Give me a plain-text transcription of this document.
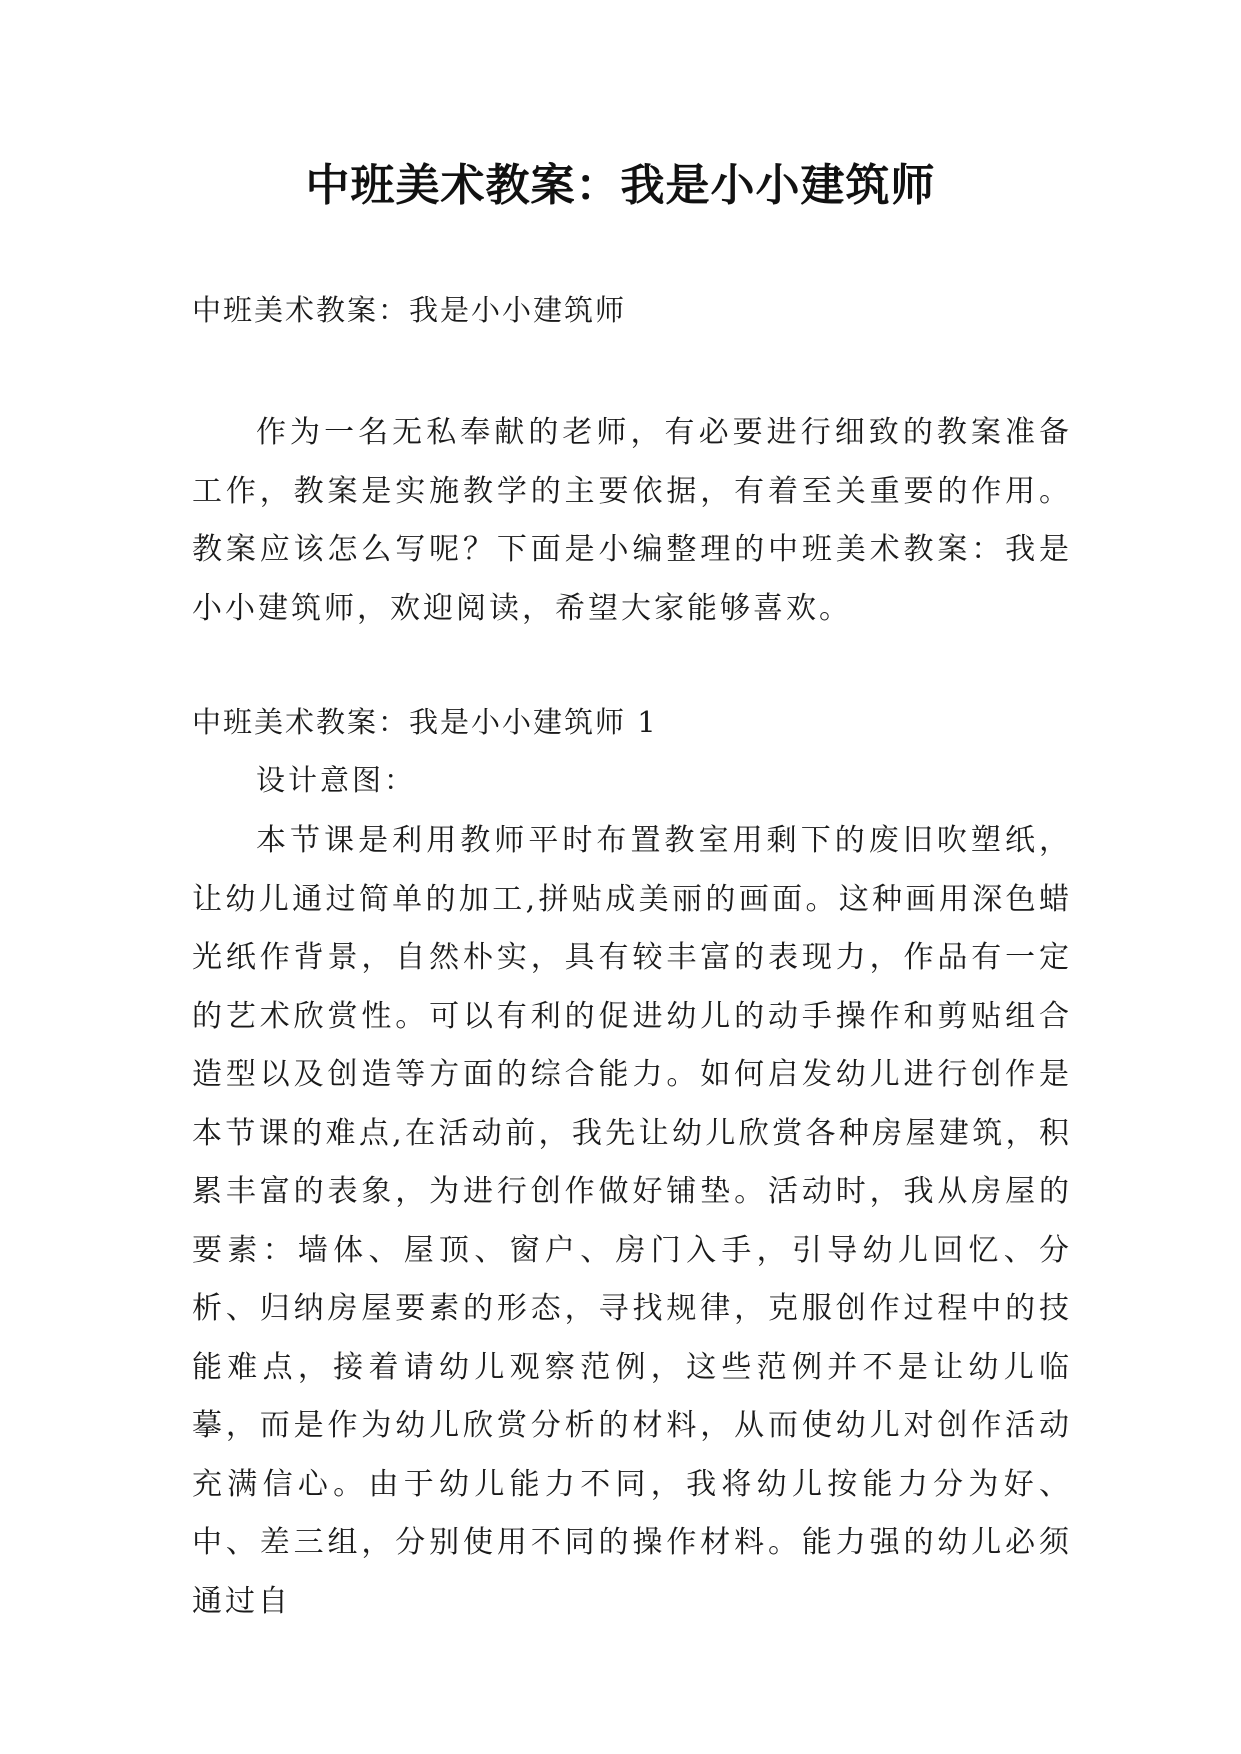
中班美术教案：我是小小建筑师

中班美术教案：我是小小建筑师

作为一名无私奉献的老师，有必要进行细致的教案准备工作，教案是实施教学的主要依据，有着至关重要的作用。教案应该怎么写呢？下面是小编整理的中班美术教案：我是小小建筑师，欢迎阅读，希望大家能够喜欢。

中班美术教案：我是小小建筑师 1

设计意图：

本节课是利用教师平时布置教室用剩下的废旧吹塑纸，让幼儿通过简单的加工,拼贴成美丽的画面。这种画用深色蜡光纸作背景，自然朴实，具有较丰富的表现力，作品有一定的艺术欣赏性。可以有利的促进幼儿的动手操作和剪贴组合造型以及创造等方面的综合能力。如何启发幼儿进行创作是本节课的难点,在活动前，我先让幼儿欣赏各种房屋建筑，积累丰富的表象，为进行创作做好铺垫。活动时，我从房屋的要素：墙体、屋顶、窗户、房门入手，引导幼儿回忆、分析、归纳房屋要素的形态，寻找规律，克服创作过程中的技能难点，接着请幼儿观察范例，这些范例并不是让幼儿临摹，而是作为幼儿欣赏分析的材料，从而使幼儿对创作活动充满信心。由于幼儿能力不同，我将幼儿按能力分为好、中、差三组，分别使用不同的操作材料。能力强的幼儿必须通过自
